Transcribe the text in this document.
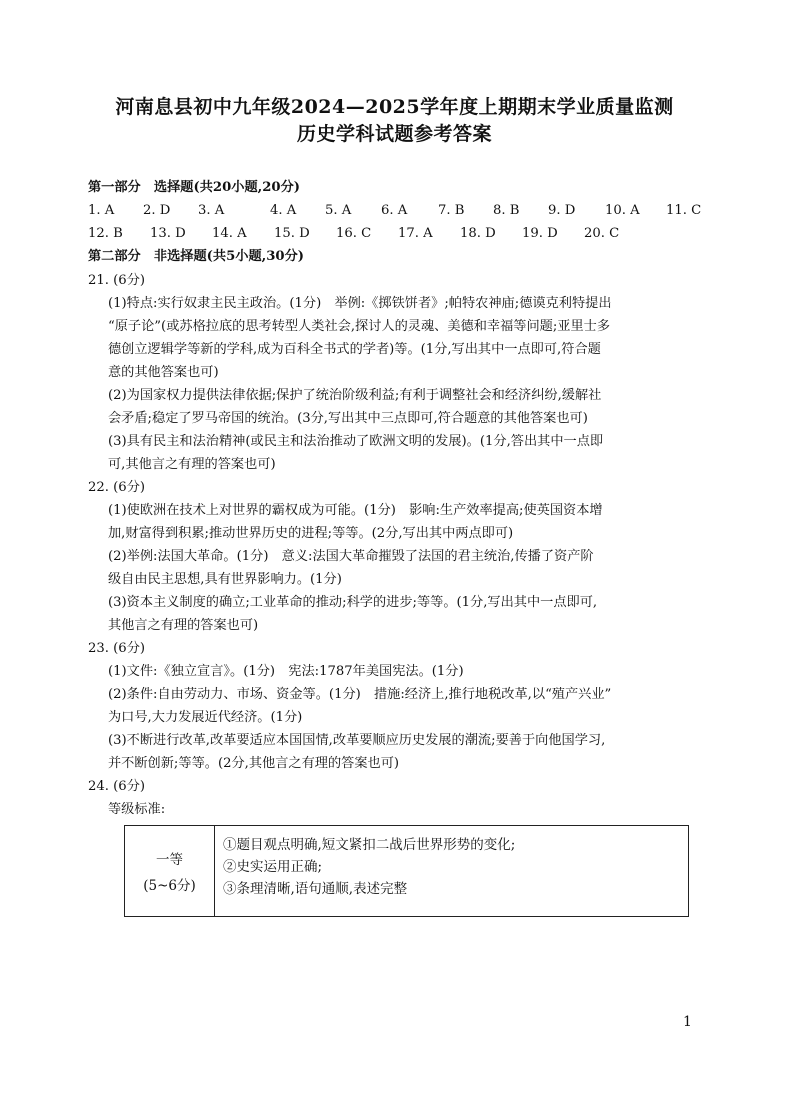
河南息县初中九年级2024—2025学年度上期期末学业质量监测
历史学科试题参考答案
第一部分　选择题(共20小题,20分)
1. A 2. D 3. A	4. A 5. A 6. A 7. B 8. B 9. D 10. A 11. C
12. B 13. D 14. A 15. D 16. C 17. A 18. D 19. D 20. C
第二部分　非选择题(共5小题,30分)
21. (6分)
(1)特点:实行奴隶主民主政治。(1分)　举例:《掷铁饼者》;帕特农神庙;德谟克利特提出
“原子论”(或苏格拉底的思考转型人类社会,探讨人的灵魂、美德和幸福等问题;亚里士多
德创立逻辑学等新的学科,成为百科全书式的学者)等。(1分,写出其中一点即可,符合题
意的其他答案也可)
(2)为国家权力提供法律依据;保护了统治阶级利益;有利于调整社会和经济纠纷,缓解社
会矛盾;稳定了罗马帝国的统治。(3分,写出其中三点即可,符合题意的其他答案也可)
(3)具有民主和法治精神(或民主和法治推动了欧洲文明的发展)。(1分,答出其中一点即
可,其他言之有理的答案也可)
22. (6分)
(1)使欧洲在技术上对世界的霸权成为可能。(1分)　影响:生产效率提高;使英国资本增
加,财富得到积累;推动世界历史的进程;等等。(2分,写出其中两点即可)
(2)举例:法国大革命。(1分)　意义:法国大革命摧毁了法国的君主统治,传播了资产阶
级自由民主思想,具有世界影响力。(1分)
(3)资本主义制度的确立;工业革命的推动;科学的进步;等等。(1分,写出其中一点即可,
其他言之有理的答案也可)
23. (6分)
(1)文件:《独立宣言》。(1分)　宪法:1787年美国宪法。(1分)
(2)条件:自由劳动力、市场、资金等。(1分)　措施:经济上,推行地税改革,以“殖产兴业”
为口号,大力发展近代经济。(1分)
(3)不断进行改革,改革要适应本国国情,改革要顺应历史发展的潮流;要善于向他国学习,
并不断创新;等等。(2分,其他言之有理的答案也可)
24. (6分)
等级标准:
一等
(5~6分)
①题目观点明确,短文紧扣二战后世界形势的变化;
②史实运用正确;
③条理清晰,语句通顺,表述完整
1
